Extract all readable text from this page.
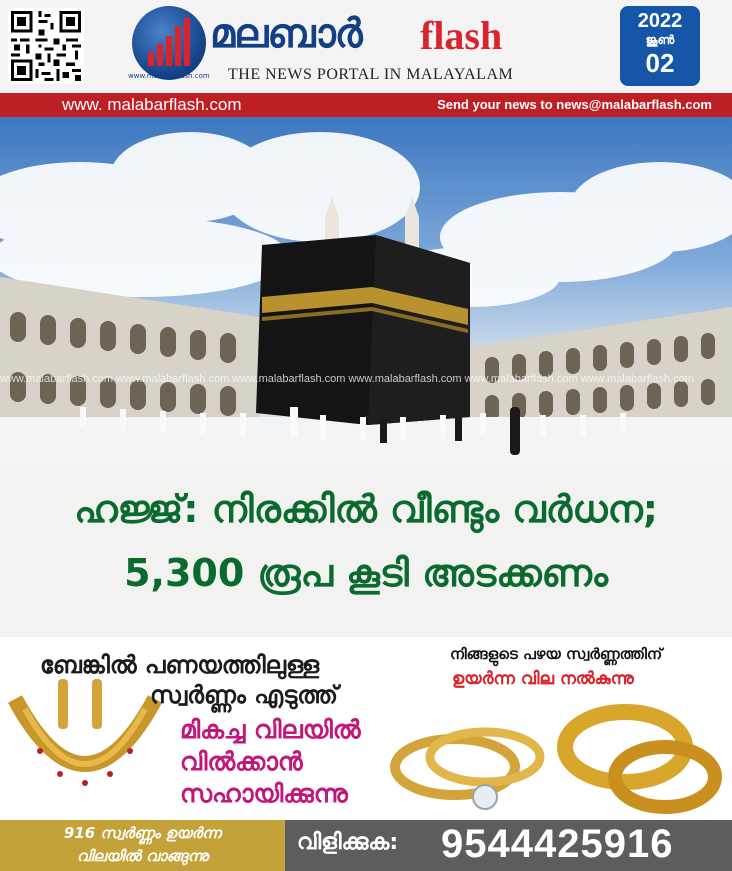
www.malabarflash.com
മലബാർ flash
THE NEWS PORTAL IN MALAYALAM
2022
ജൂൺ
02
www. malabarflash.com	Send your news to news@malabarflash.com
www.malabarflash.com www.malabarflash.com www.malabarflash.com www.malabarflash.com www.malabarflash.com www.malabarflash.com
ഹജ്ജ്: നിരക്കിൽ വീണ്ടും വർധന;
5,300 രൂപ കൂടി അടക്കണം
ബേങ്കിൽ പണയത്തിലുള്ള
സ്വർണ്ണം എടുത്ത്
നിങ്ങളുടെ പഴയ സ്വർണ്ണത്തിന്
ഉയർന്ന വില നൽകുന്നു
മികച്ച വിലയിൽ
വിൽക്കാൻ
സഹായിക്കുന്നു
916 സ്വർണ്ണം ഉയർന്ന
വിലയിൽ വാങ്ങുന്നു
വിളിക്കുക: 9544425916
